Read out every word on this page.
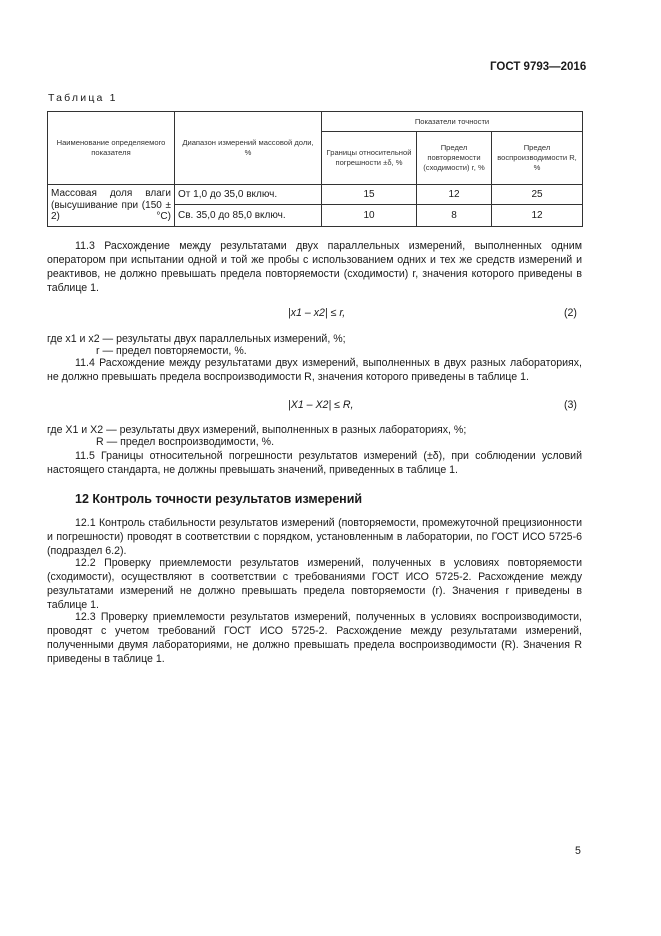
ГОСТ 9793—2016
Таблица 1
Наименование определяемого показателя	Диапазон измерений массовой доли, %	Показатели точности		
		Границы относительной погрешности ±δ, %	Предел повторяемости (сходимости) r, %	Предел воспроизводимости R, %
Массовая доля влаги (высушивание при (150 ± 2) °С)	От 1,0 до 35,0 включ.	15	12	25
	Св. 35,0 до 85,0 включ.	10	8	12
11.3 Расхождение между результатами двух параллельных измерений, выполненных одним оператором при испытании одной и той же пробы с использованием одних и тех же средств измерений и реактивов, не должно превышать предела повторяемости (сходимости) r, значения которого приведены в таблице 1.
|x1 – x2| ≤ r,	(2)
где x1 и x2 — результаты двух параллельных измерений, %;
r — предел повторяемости, %.
11.4 Расхождение между результатами двух измерений, выполненных в двух разных лабораториях, не должно превышать предела воспроизводимости R, значения которого приведены в таблице 1.
|X1 – X2| ≤ R,	(3)
где X1 и X2 — результаты двух измерений, выполненных в разных лабораториях, %;
R — предел воспроизводимости, %.
11.5 Границы относительной погрешности результатов измерений (±δ), при соблюдении условий настоящего стандарта, не должны превышать значений, приведенных в таблице 1.
12 Контроль точности результатов измерений
12.1 Контроль стабильности результатов измерений (повторяемости, промежуточной прецизионности и погрешности) проводят в соответствии с порядком, установленным в лаборатории, по ГОСТ ИСО 5725-6 (подраздел 6.2).
12.2 Проверку приемлемости результатов измерений, полученных в условиях повторяемости (сходимости), осуществляют в соответствии с требованиями ГОСТ ИСО 5725-2. Расхождение между результатами измерений не должно превышать предела повторяемости (r). Значения r приведены в таблице 1.
12.3 Проверку приемлемости результатов измерений, полученных в условиях воспроизводимости, проводят с учетом требований ГОСТ ИСО 5725-2. Расхождение между результатами измерений, полученными двумя лабораториями, не должно превышать предела воспроизводимости (R). Значения R приведены в таблице 1.
5
